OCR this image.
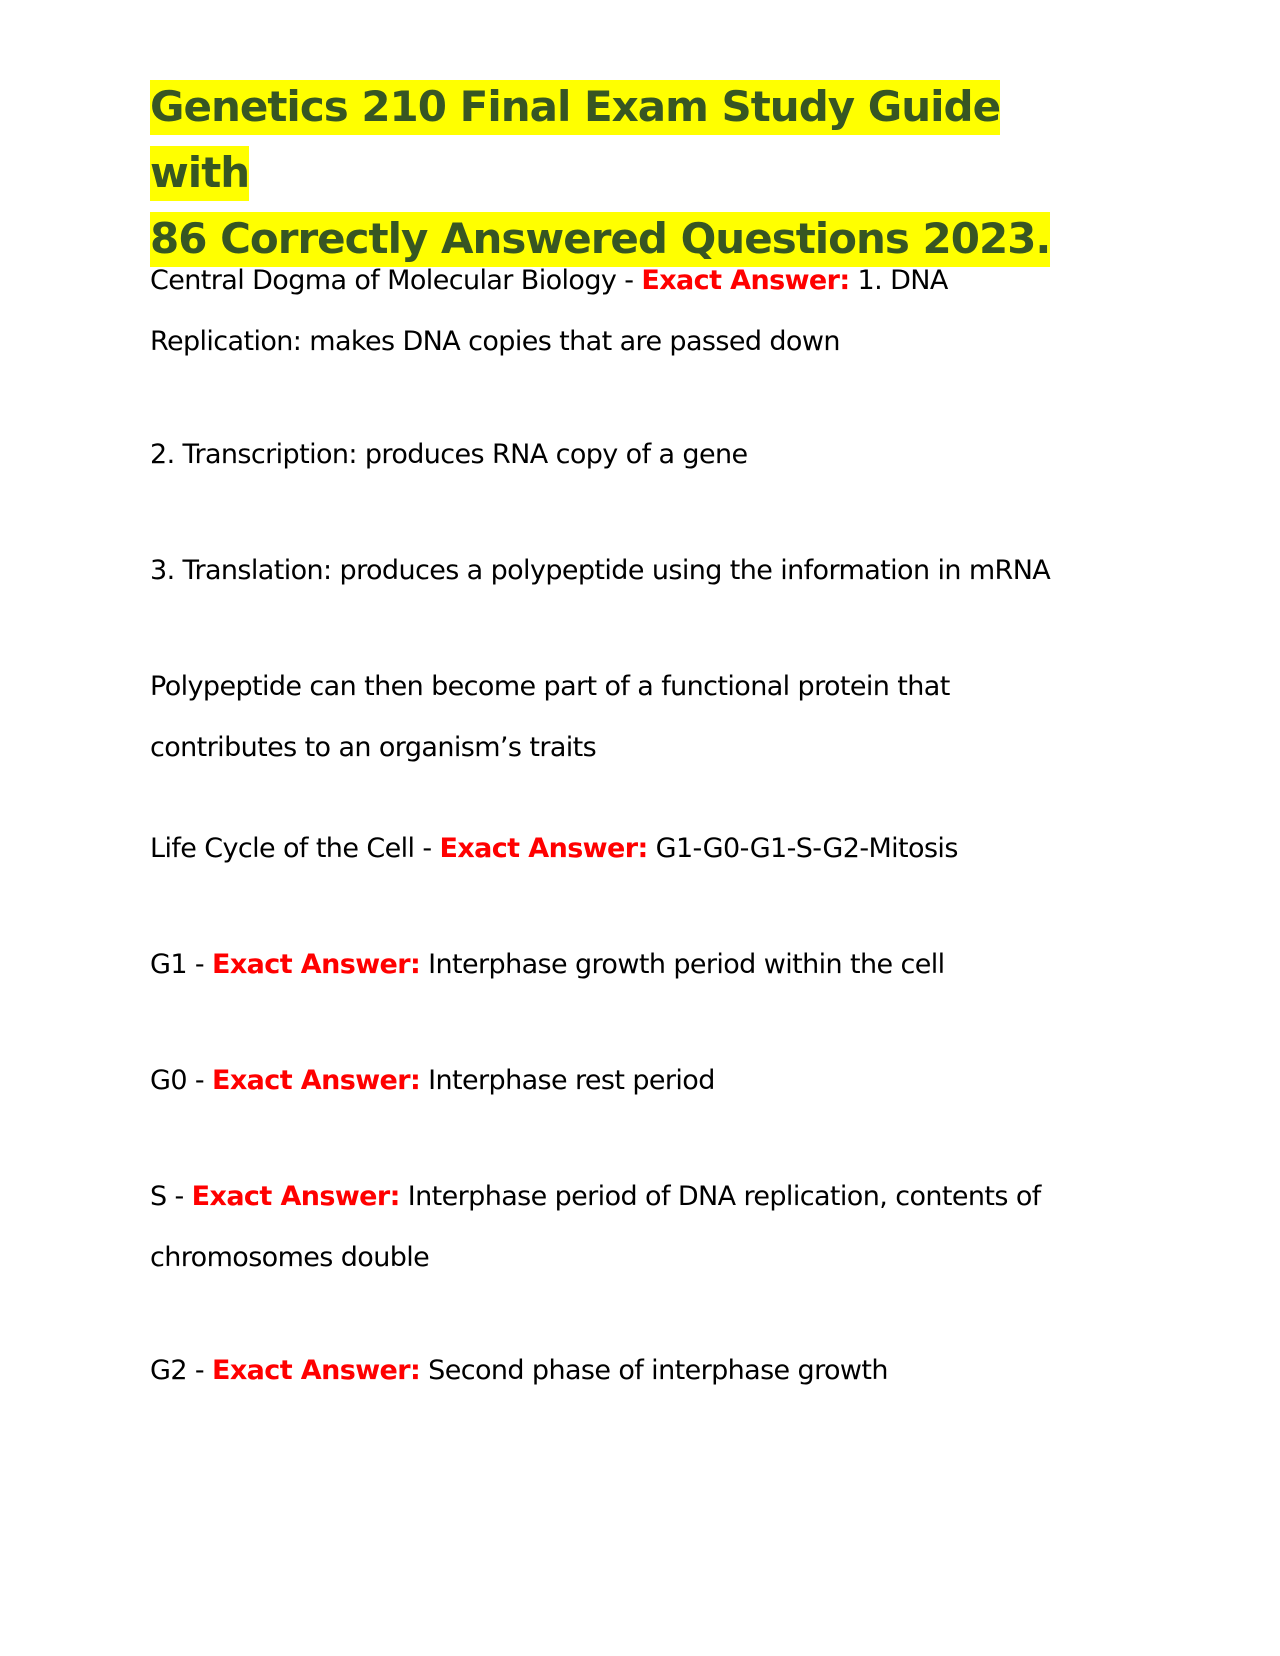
Genetics 210 Final Exam Study Guide with
86 Correctly Answered Questions 2023.

Central Dogma of Molecular Biology - Exact Answer: 1. DNA
Replication: makes DNA copies that are passed down

2. Transcription: produces RNA copy of a gene

3. Translation: produces a polypeptide using the information in mRNA

Polypeptide can then become part of a functional protein that
contributes to an organism’s traits

Life Cycle of the Cell - Exact Answer: G1-G0-G1-S-G2-Mitosis

G1 - Exact Answer: Interphase growth period within the cell

G0 - Exact Answer: Interphase rest period

S - Exact Answer: Interphase period of DNA replication, contents of
chromosomes double

G2 - Exact Answer: Second phase of interphase growth
